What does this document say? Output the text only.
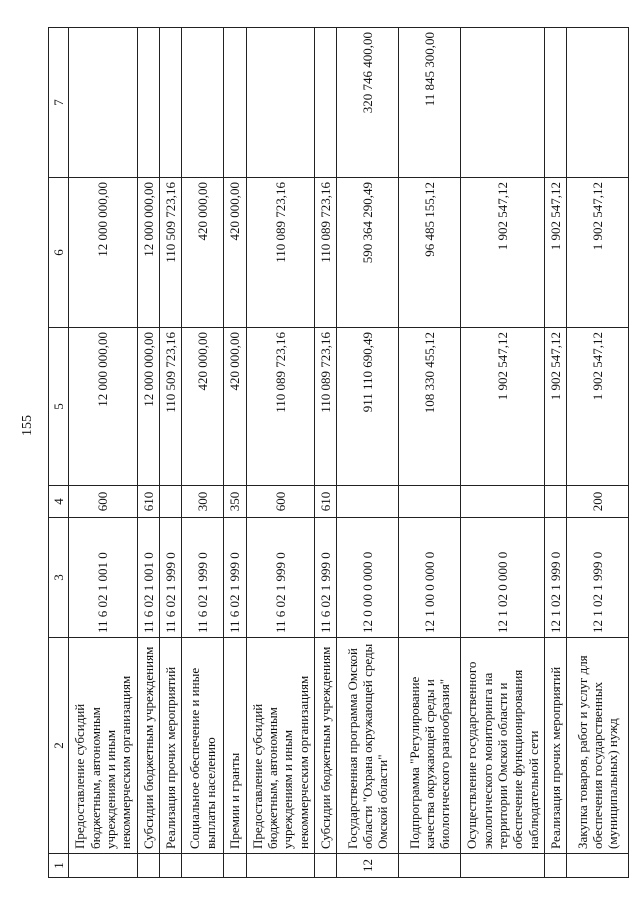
155
1	2	3	4	5	6	7
	Предоставление субсидий бюджетным, автономным учреждениям и иным некоммерческим организациям	11 6 02 1 001 0	600	12 000 000,00	12 000 000,00	
	Субсидии бюджетным учреждениям	11 6 02 1 001 0	610	12 000 000,00	12 000 000,00	
	Реализация прочих мероприятий	11 6 02 1 999 0		110 509 723,16	110 509 723,16	
	Социальное обеспечение и иные выплаты населению	11 6 02 1 999 0	300	420 000,00	420 000,00	
	Премии и гранты	11 6 02 1 999 0	350	420 000,00	420 000,00	
	Предоставление субсидий бюджетным, автономным учреждениям и иным некоммерческим организациям	11 6 02 1 999 0	600	110 089 723,16	110 089 723,16	
	Субсидии бюджетным учреждениям	11 6 02 1 999 0	610	110 089 723,16	110 089 723,16	
12	Государственная программа Омской области "Охрана окружающей среды Омской области"	12 0 00 0 000 0		911 110 690,49	590 364 290,49	320 746 400,00
	Подпрограмма "Регулирование качества окружающей среды и биологического разнообразия"	12 1 00 0 000 0		108 330 455,12	96 485 155,12	11 845 300,00
	Осуществление государственного экологического мониторинга на территории Омской области и обеспечение функционирования наблюдательной сети	12 1 02 0 000 0		1 902 547,12	1 902 547,12	
	Реализация прочих мероприятий	12 1 02 1 999 0		1 902 547,12	1 902 547,12	
	Закупка товаров, работ и услуг для обеспечения государственных (муниципальных) нужд	12 1 02 1 999 0	200	1 902 547,12	1 902 547,12	
